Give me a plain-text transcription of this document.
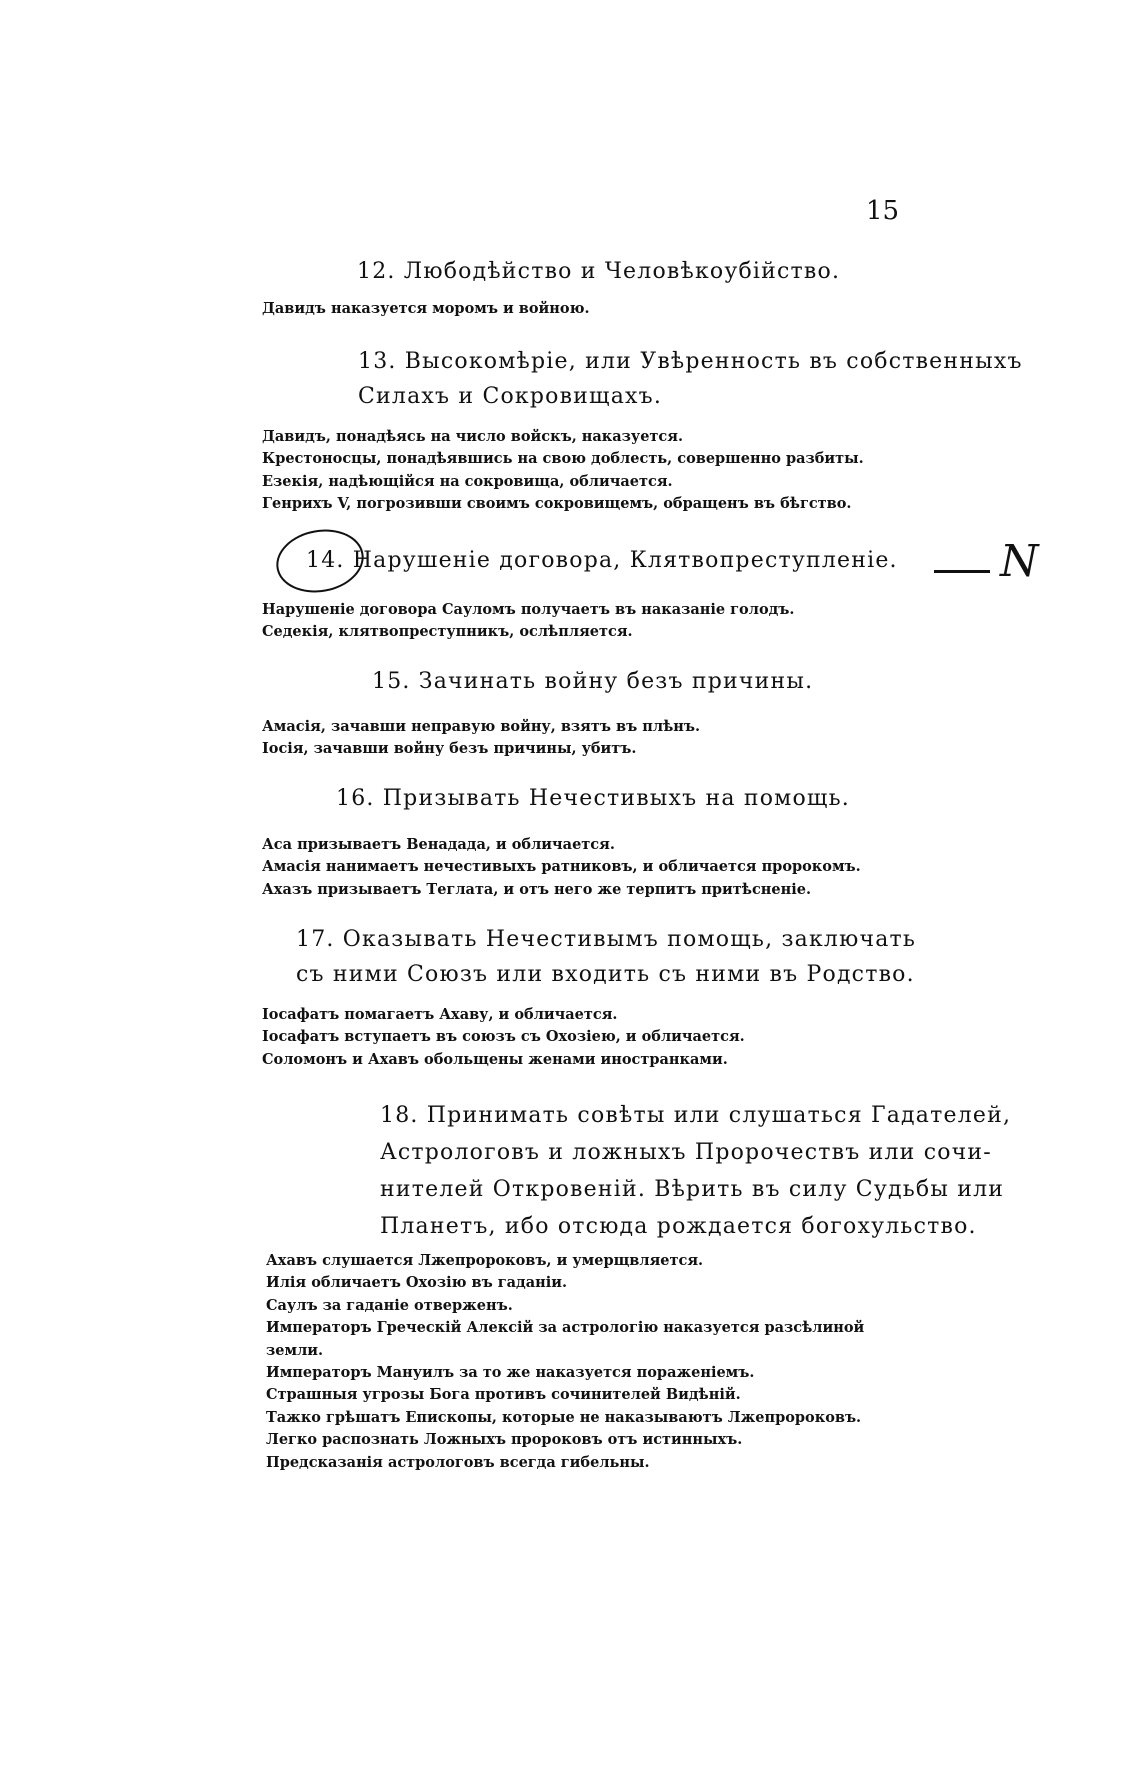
15
12. Любодѣйство и Человѣкоубійство.
Давидъ наказуется моромъ и войною.
13. Высокомѣріе, или Увѣренность въ собственныхъ
Силахъ и Сокровищахъ.
Давидъ, понадѣясь на число войскъ, наказуется.
Крестоносцы, понадѣявшись на свою доблесть, совершенно разбиты.
Езекія, надѣющійся на сокровища, обличается.
Генрихъ V, погрозивши своимъ сокровищемъ, обращенъ въ бѣгство.
14. Нарушеніе договора, Клятвопреступленіе. N
Нарушеніе договора Сауломъ получаетъ въ наказаніе голодъ.
Седекія, клятвопреступникъ, ослѣпляется.
15. Зачинать войну безъ причины.
Амасія, зачавши неправую войну, взятъ въ плѣнъ.
Іосія, зачавши войну безъ причины, убитъ.
16. Призывать Нечестивыхъ на помощь.
Аса призываетъ Венадада, и обличается.
Амасія нанимаетъ нечестивыхъ ратниковъ, и обличается пророкомъ.
Ахазъ призываетъ Теглата, и отъ него же терпитъ притѣсненіе.
17. Оказывать Нечестивымъ помощь, заключать
съ ними Союзъ или входить съ ними въ Родство.
Іосафатъ помагаетъ Ахаву, и обличается.
Іосафатъ вступаетъ въ союзъ съ Охозіею, и обличается.
Соломонъ и Ахавъ обольщены женами иностранками.
18. Принимать совѣты или слушаться Гадателей,
Астрологовъ и ложныхъ Пророчествъ или сочи-
нителей Откровеній. Вѣрить въ силу Судьбы или
Планетъ, ибо отсюда рождается богохульство.
Ахавъ слушается Лжепророковъ, и умерщвляется.
Илія обличаетъ Охозію въ гаданіи.
Саулъ за гаданіе отверженъ.
Императоръ Греческій Алексій за астрологію наказуется разсѣлиной земли.
Императоръ Мануилъ за то же наказуется пораженіемъ.
Страшныя угрозы Бога противъ сочинителей Видѣній.
Тажко грѣшатъ Епископы, которые не наказываютъ Лжепророковъ.
Легко распознать Ложныхъ пророковъ отъ истинныхъ.
Предсказанія астрологовъ всегда гибельны.
